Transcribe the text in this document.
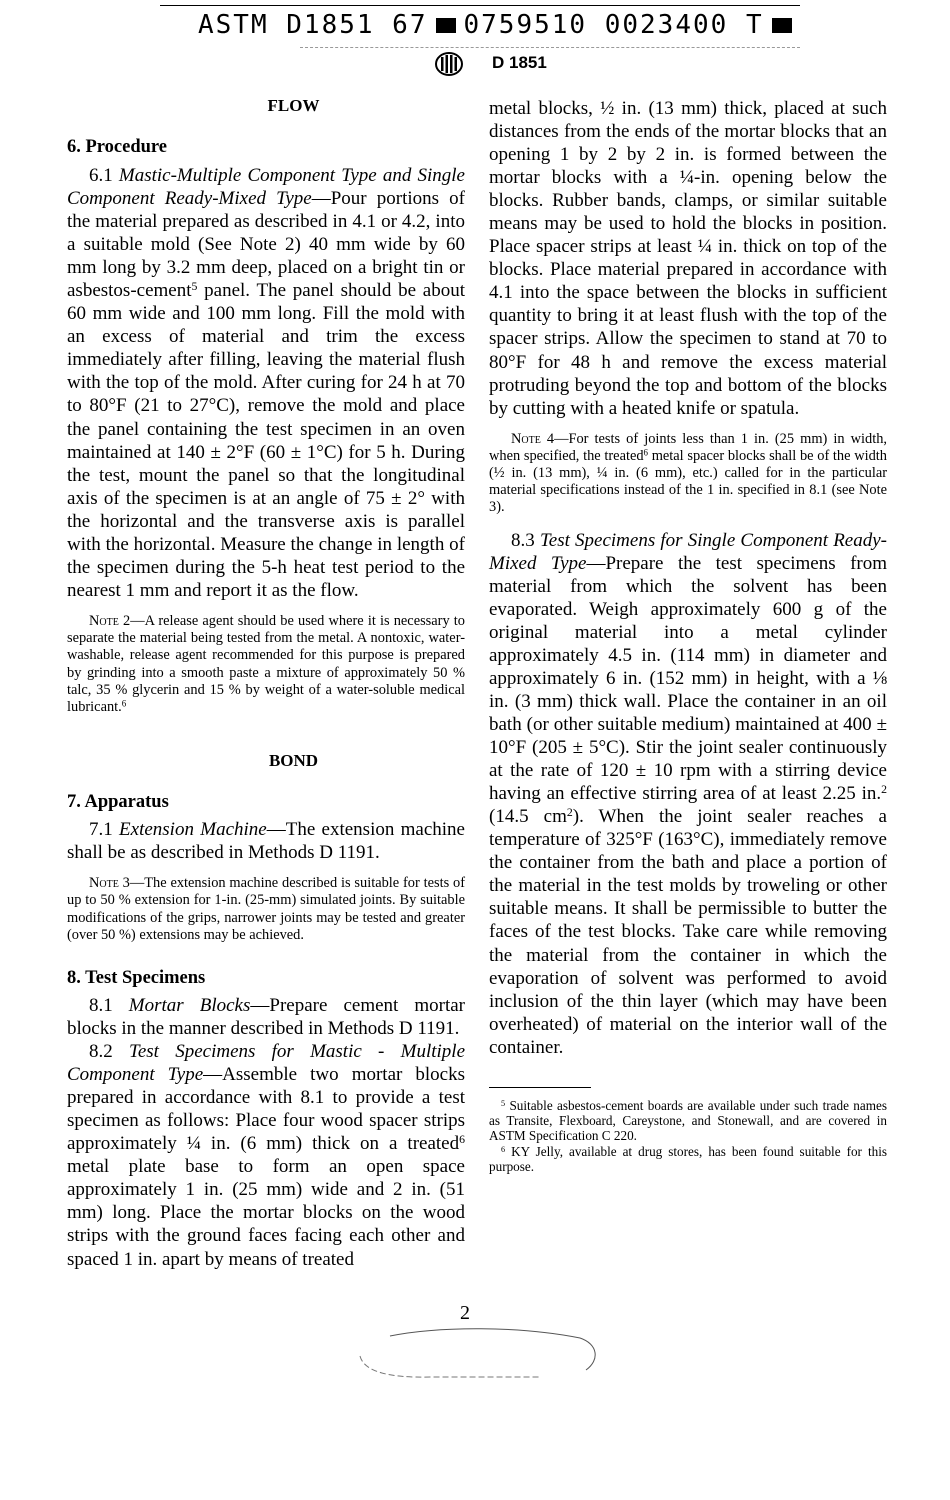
ASTM D1851 67 0759510 0023400 T
D 1851

FLOW

6. Procedure

6.1 Mastic-Multiple Component Type and Single Component Ready-Mixed Type—Pour portions of the material prepared as described in 4.1 or 4.2, into a suitable mold (See Note 2) 40 mm wide by 60 mm long by 3.2 mm deep, placed on a bright tin or asbestos-cement$^5$ panel. The panel should be about 60 mm wide and 100 mm long. Fill the mold with an excess of material and trim the excess immediately after filling, leaving the material flush with the top of the mold. After curing for 24 h at 70 to 80°F (21 to 27°C), remove the mold and place the panel containing the test specimen in an oven maintained at 140 ± 2°F (60 ± 1°C) for 5 h. During the test, mount the panel so that the longitudinal axis of the specimen is at an angle of 75 ± 2° with the horizontal and the transverse axis is parallel with the horizontal. Measure the change in length of the specimen during the 5-h heat test period to the nearest 1 mm and report it as the flow.

Note 2—A release agent should be used where it is necessary to separate the material being tested from the metal. A nontoxic, water-washable, release agent recommended for this purpose is prepared by grinding into a smooth paste a mixture of approximately 50 % talc, 35 % glycerin and 15 % by weight of a water-soluble medical lubricant.$^6$

BOND

7. Apparatus

7.1 Extension Machine—The extension machine shall be as described in Methods D 1191.

Note 3—The extension machine described is suitable for tests of up to 50 % extension for 1-in. (25-mm) simulated joints. By suitable modifications of the grips, narrower joints may be tested and greater (over 50 %) extensions may be achieved.

8. Test Specimens

8.1 Mortar Blocks—Prepare cement mortar blocks in the manner described in Methods D 1191.

8.2 Test Specimens for Mastic - Multiple Component Type—Assemble two mortar blocks prepared in accordance with 8.1 to provide a test specimen as follows: Place four wood spacer strips approximately ¼ in. (6 mm) thick on a treated$^6$ metal plate base to form an open space approximately 1 in. (25 mm) wide and 2 in. (51 mm) long. Place the mortar blocks on the wood strips with the ground faces facing each other and spaced 1 in. apart by means of treated

metal blocks, ½ in. (13 mm) thick, placed at such distances from the ends of the mortar blocks that an opening 1 by 2 by 2 in. is formed between the mortar blocks with a ¼-in. opening below the blocks. Rubber bands, clamps, or similar suitable means may be used to hold the blocks in position. Place spacer strips at least ¼ in. thick on top of the blocks. Place material prepared in accordance with 4.1 into the space between the blocks in sufficient quantity to bring it at least flush with the top of the spacer strips. Allow the specimen to stand at 70 to 80°F for 48 h and remove the excess material protruding beyond the top and bottom of the blocks by cutting with a heated knife or spatula.

Note 4—For tests of joints less than 1 in. (25 mm) in width, when specified, the treated$^6$ metal spacer blocks shall be of the width (½ in. (13 mm), ¼ in. (6 mm), etc.) called for in the particular material specifications instead of the 1 in. specified in 8.1 (see Note 3).

8.3 Test Specimens for Single Component Ready-Mixed Type—Prepare the test specimens from material from which the solvent has been evaporated. Weigh approximately 600 g of the original material into a metal cylinder approximately 4.5 in. (114 mm) in diameter and approximately 6 in. (152 mm) in height, with a ⅛ in. (3 mm) thick wall. Place the container in an oil bath (or other suitable medium) maintained at 400 ± 10°F (205 ± 5°C). Stir the joint sealer continuously at the rate of 120 ± 10 rpm with a stirring device having an effective stirring area of at least 2.25 in.$^2$ (14.5 $cm^2$). When the joint sealer reaches a temperature of 325°F (163°C), immediately remove the container from the bath and place a portion of the material in the test molds by troweling or other suitable means. It shall be permissible to butter the faces of the test blocks. Take care while removing the material from the container in which the evaporation of solvent was performed to avoid inclusion of the thin layer (which may have been overheated) of material on the interior wall of the container.

$^5$ Suitable asbestos-cement boards are available under such trade names as Transite, Flexboard, Careystone, and Stonewall, and are covered in ASTM Specification C 220.

$^6$ KY Jelly, available at drug stores, has been found suitable for this purpose.

2
